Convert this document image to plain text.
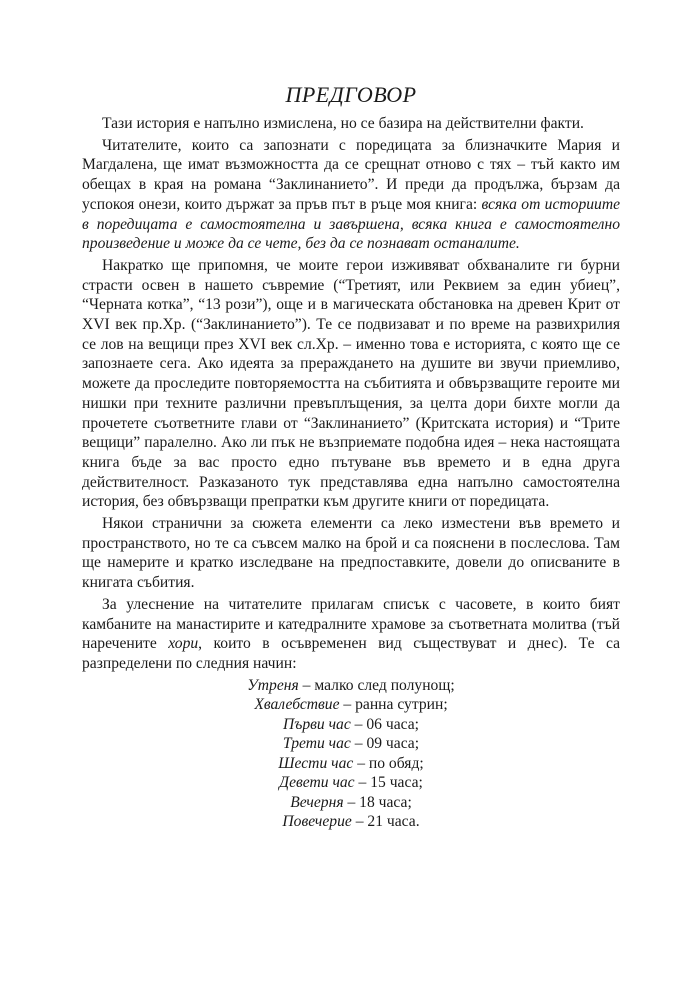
ПРЕДГОВОР

Тази история е напълно измислена, но се базира на действителни факти.

Читателите, които са запознати с поредицата за близначките Мария и Магдалена, ще имат възможността да се срещнат отново с тях – тъй както им обещах в края на романа “Заклинанието”. И преди да продължа, бързам да успокоя онези, които държат за пръв път в ръце моя книга: всяка от историите в поредицата е самостоятелна и завършена, всяка книга е самостоятелно произведение и може да се чете, без да се познават останалите.

Накратко ще припомня, че моите герои изживяват обхваналите ги бурни страсти освен в нашето съвремие (“Третият, или Реквием за един убиец”, “Черната котка”, “13 рози”), още и в магическата обстановка на древен Крит от XVI век пр.Хр. (“Заклинанието”). Те се подвизават и по време на развихрилия се лов на вещици през XVI век сл.Хр. – именно това е историята, с която ще се запознаете сега. Ако идеята за прераждането на душите ви звучи приемливо, можете да проследите повторяемостта на събитията и обвързващите героите ми нишки при техните различни превъплъщения, за целта дори бихте могли да прочетете съответните глави от “Заклинанието” (Критската история) и “Трите вещици” паралелно. Ако ли пък не възприемате подобна идея – нека настоящата книга бъде за вас просто едно пътуване във времето и в една друга действителност. Разказаното тук представлява една напълно самостоятелна история, без обвързващи препратки към другите книги от поредицата.

Някои странични за сюжета елементи са леко изместени във времето и пространството, но те са съвсем малко на брой и са пояснени в послеслова. Там ще намерите и кратко изследване на предпоставките, довели до описваните в книгата събития.

За улеснение на читателите прилагам списък с часовете, в които бият камбаните на манастирите и катедралните храмове за съответната молитва (тъй наречените хори, които в осъвременен вид съществуват и днес). Те са разпределени по следния начин:

Утреня – малко след полунощ;
Хвалебствие – ранна сутрин;
Първи час – 06 часа;
Трети час – 09 часа;
Шести час – по обяд;
Девети час – 15 часа;
Вечерня – 18 часа;
Повечерие – 21 часа.
